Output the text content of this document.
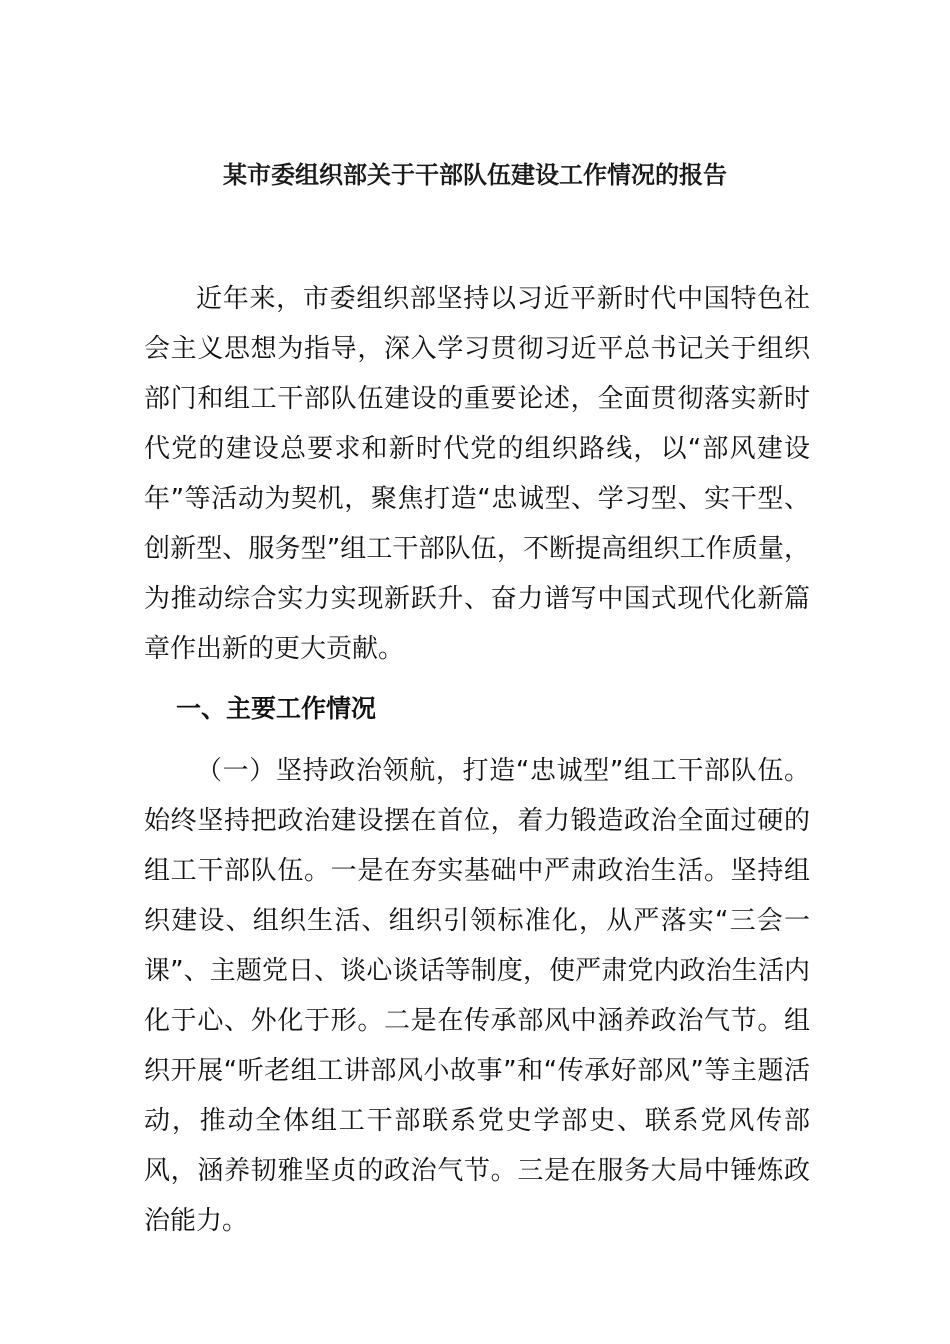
某市委组织部关于干部队伍建设工作情况的报告

近年来，市委组织部坚持以习近平新时代中国特色社会主义思想为指导，深入学习贯彻习近平总书记关于组织部门和组工干部队伍建设的重要论述，全面贯彻落实新时代党的建设总要求和新时代党的组织路线，以“部风建设年”等活动为契机，聚焦打造“忠诚型、学习型、实干型、创新型、服务型”组工干部队伍，不断提高组织工作质量，为推动综合实力实现新跃升、奋力谱写中国式现代化新篇章作出新的更大贡献。

一、主要工作情况

（一）坚持政治领航，打造“忠诚型”组工干部队伍。始终坚持把政治建设摆在首位，着力锻造政治全面过硬的组工干部队伍。一是在夯实基础中严肃政治生活。坚持组织建设、组织生活、组织引领标准化，从严落实“三会一课”、主题党日、谈心谈话等制度，使严肃党内政治生活内化于心、外化于形。二是在传承部风中涵养政治气节。组织开展“听老组工讲部风小故事”和“传承好部风”等主题活动，推动全体组工干部联系党史学部史、联系党风传部风，涵养韧雅坚贞的政治气节。三是在服务大局中锤炼政治能力。
